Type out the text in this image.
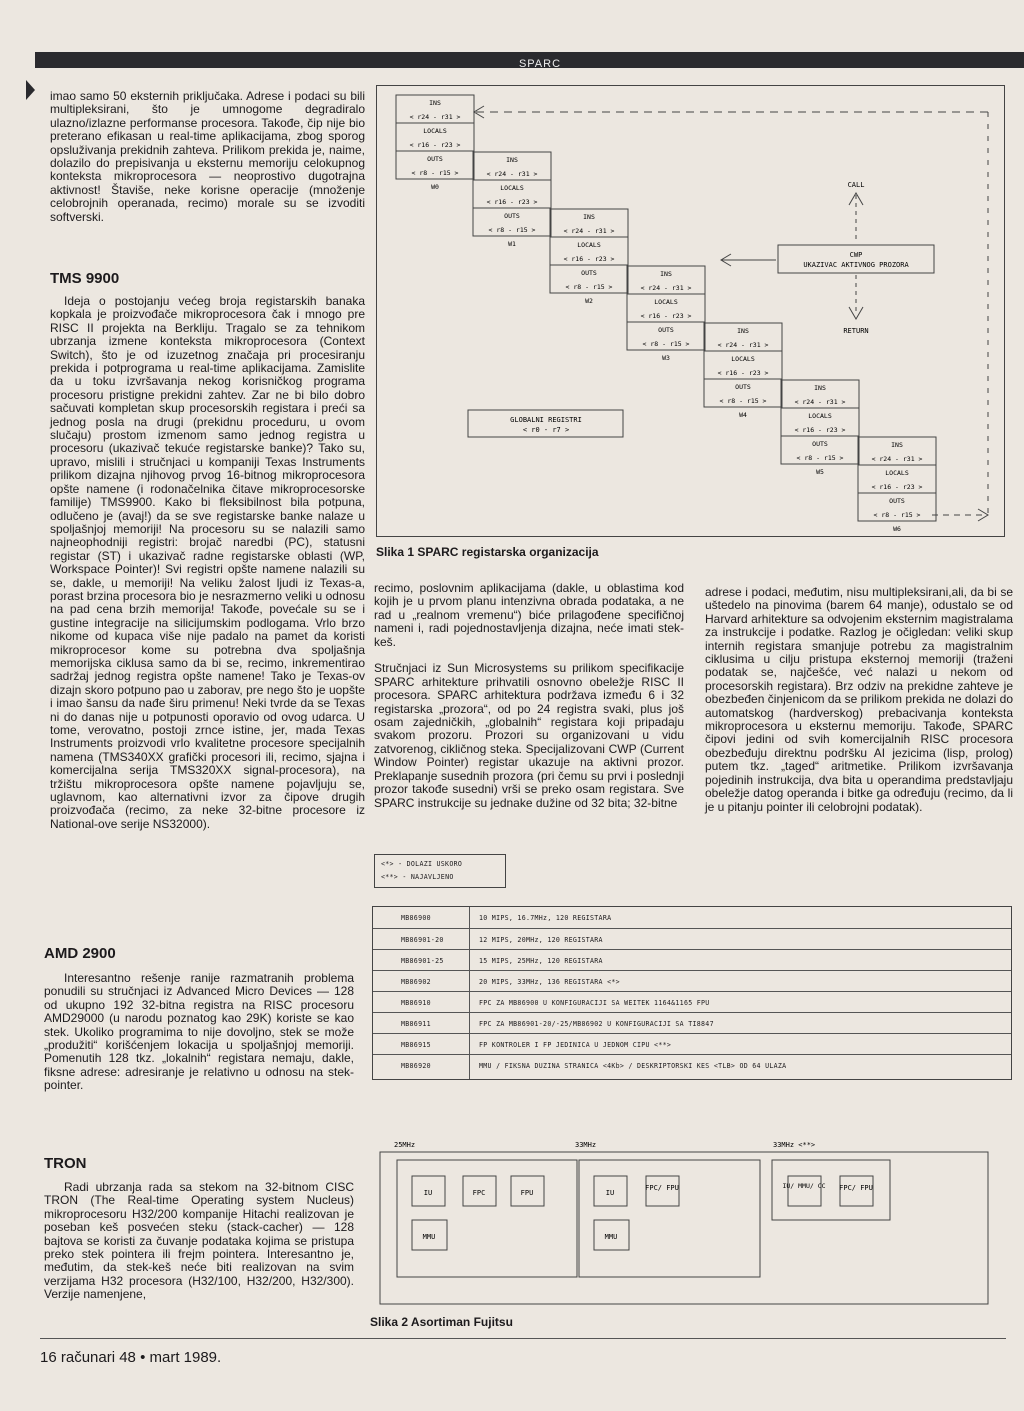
SPARC
imao samo 50 eksternih priključaka. Adrese i podaci su bili multipleksirani, što je umnogome degradiralo ulazno/izlazne performanse procesora. Takođe, čip nije bio preterano efikasan u real-time aplikacijama, zbog sporog opsluživanja prekidnih zahteva. Prilikom prekida je, naime, dolazilo do prepisivanja u eksternu memoriju celokupnog konteksta mikroprocesora — neoprostivo dugotrajna aktivnost! Štaviše, neke korisne operacije (množenje celobrojnih operanada, recimo) morale su se izvoditi softverski.
TMS 9900
Ideja o postojanju većeg broja registarskih banaka kopkala je proizvođače mikroprocesora čak i mnogo pre RISC II projekta na Berkliju. Tragalo se za tehnikom ubrzanja izmene konteksta mikroprocesora (Context Switch), što je od izuzetnog značaja pri procesiranju prekida i potprograma u real-time aplikacijama. Zamislite da u toku izvršavanja nekog korisničkog programa procesoru pristigne prekidni zahtev. Zar ne bi bilo dobro sačuvati kompletan skup procesorskih registara i preći sa jednog posla na drugi (prekidnu proceduru, u ovom slučaju) prostom izmenom samo jednog registra u procesoru (ukazivač tekuće registarske banke)? Tako su, upravo, mislili i stručnjaci u kompaniji Texas Instruments prilikom dizajna njihovog prvog 16-bitnog mikroprocesora opšte namene (i rodonačelnika čitave mikroprocesorske familije) TMS9900. Kako bi fleksibilnost bila potpuna, odlučeno je (avaj!) da se sve registarske banke nalaze u spoljašnjoj memoriji! Na procesoru su se nalazili samo najneophodniji registri: brojač naredbi (PC), statusni registar (ST) i ukazivač radne registarske oblasti (WP, Workspace Pointer)! Svi registri opšte namene nalazili su se, dakle, u memoriji! Na veliku žalost ljudi iz Texas-a, porast brzina procesora bio je nesrazmerno veliki u odnosu na pad cena brzih memorija! Takođe, povećale su se i gustine integracije na silicijumskim podlogama. Vrlo brzo nikome od kupaca više nije padalo na pamet da koristi mikroprocesor kome su potrebna dva spoljašnja memorijska ciklusa samo da bi se, recimo, inkrementirao sadržaj jednog registra opšte namene! Tako je Texas-ov dizajn skoro potpuno pao u zaborav, pre nego što je uopšte i imao šansu da nađe širu primenu! Neki tvrde da se Texas ni do danas nije u potpunosti oporavio od ovog udarca. U tome, verovatno, postoji zrnce istine, jer, mada Texas Instruments proizvodi vrlo kvalitetne procesore specijalnih namena (TMS340XX grafički procesori ili, recimo, sjajna i komercijalna serija TMS320XX signal-procesora), na tržištu mikroprocesora opšte namene pojavljuju se, uglavnom, kao alternativni izvor za čipove drugih proizvođača (recimo, za neke 32-bitne procesore iz National-ove serije NS32000).
AMD 2900
Interesantno rešenje ranije razmatranih problema ponudili su stručnjaci iz Advanced Micro Devices — 128 od ukupno 192 32-bitna registra na RISC procesoru AMD29000 (u narodu poznatog kao 29K) koriste se kao stek. Ukoliko programima to nije dovoljno, stek se može „produžiti“ korišćenjem lokacija u spoljašnjoj memoriji. Pomenutih 128 tkz. „lokalnih“ registara nemaju, dakle, fiksne adrese: adresiranje je relativno u odnosu na stek-pointer.
TRON
Radi ubrzanja rada sa stekom na 32-bitnom CISC TRON (The Real-time Operating system Nucleus) mikroprocesoru H32/200 kompanije Hitachi realizovan je poseban keš posvećen steku (stack-cacher) — 128 bajtova se koristi za čuvanje podataka kojima se pristupa preko stek pointera ili frejm pointera. Interesantno je, međutim, da stek-keš neće biti realizovan na svim verzijama H32 procesora (H32/100, H32/200, H32/300). Verzije namenjene,
INS
< r24 - r31 >
LOCALS
< r16 - r23 >
OUTS
< r8 - r15 >
W0
INS
< r24 - r31 >
LOCALS
< r16 - r23 >
OUTS
< r8 - r15 >
W1
INS
< r24 - r31 >
LOCALS
< r16 - r23 >
OUTS
< r8 - r15 >
W2
INS
< r24 - r31 >
LOCALS
< r16 - r23 >
OUTS
< r8 - r15 >
W3
INS
< r24 - r31 >
LOCALS
< r16 - r23 >
OUTS
< r8 - r15 >
W4
INS
< r24 - r31 >
LOCALS
< r16 - r23 >
OUTS
< r8 - r15 >
W5
INS
< r24 - r31 >
LOCALS
< r16 - r23 >
OUTS
< r8 - r15 >
W6
GLOBALNI REGISTRI
< r0 - r7 >
CWP
UKAZIVAC AKTIVNOG PROZORA
CALL
RETURN
Slika 1 SPARC registarska organizacija
recimo, poslovnim aplikacijama (dakle, u oblastima kod kojih je u prvom planu intenzivna obrada podataka, a ne rad u „realnom vremenu“) biće prilagođene specifičnoj nameni i, radi pojednostavljenja dizajna, neće imati stek-keš.

Stručnjaci iz Sun Microsystems su prilikom specifikacije SPARC arhitekture prihvatili osnovno obeležje RISC II procesora. SPARC arhitektura podržava između 6 i 32 registarska „prozora“, od po 24 registra svaki, plus još osam zajedničkih, „globalnih“ registara koji pripadaju svakom prozoru. Prozori su organizovani u vidu zatvorenog, cikličnog steka. Specijalizovani CWP (Current Window Pointer) registar ukazuje na aktivni prozor. Preklapanje susednih prozora (pri čemu su prvi i poslednji prozor takođe susedni) vrši se preko osam registara. Sve SPARC instrukcije su jednake dužine od 32 bita; 32-bitne
adrese i podaci, međutim, nisu multipleksirani,ali, da bi se uštedelo na pinovima (barem 64 manje), odustalo se od Harvard arhitekture sa odvojenim eksternim magistralama za instrukcije i podatke. Razlog je očigledan: veliki skup internih registara smanjuje potrebu za magistralnim ciklusima u cilju pristupa eksternoj memoriji (traženi podatak se, najčešće, već nalazi u nekom od procesorskih registara). Brz odziv na prekidne zahteve je obezbeđen činjenicom da se prilikom prekida ne dolazi do automatskog (hardverskog) prebacivanja konteksta mikroprocesora u eksternu memoriju. Takođe, SPARC čipovi jedini od svih komercijalnih RISC procesora obezbeđuju direktnu podršku AI jezicima (lisp, prolog) putem tkz. „taged“ aritmetike. Prilikom izvršavanja pojedinih instrukcija, dva bita u operandima predstavljaju obeležje datog operanda i bitke ga određuju (recimo, da li je u pitanju pointer ili celobrojni podatak).
<*> - DOLAZI USKORO
<**> - NAJAVLJENO
MB86900	10 MIPS, 16.7MHz, 120 REGISTARA
MB86901-20	12 MIPS, 20MHz, 120 REGISTARA
MB86901-25	15 MIPS, 25MHz, 120 REGISTARA
MB86902	20 MIPS, 33MHz, 136 REGISTARA <*>
MB86910	FPC ZA MB86900 U KONFIGURACIJI SA WEITEK 1164&1165 FPU
MB86911	FPC ZA MB86901-20/-25/MB86902 U KONFIGURACIJI SA TI8847
MB86915	FP KONTROLER I FP JEDINICA U JEDNOM CIPU <**>
MB86920	MMU / FIKSNA DUZINA STRANICA <4Kb> / DESKRIPTORSKI KES <TLB> OD 64 ULAZA
25MHz	33MHz	33MHz <**>
IU	FPC	FPU
MMU
IU
FPC/ FPU
MMU
IU/ MMU/ CC FPC/ FPU
Slika 2 Asortiman Fujitsu
16 računari 48 • mart 1989.
